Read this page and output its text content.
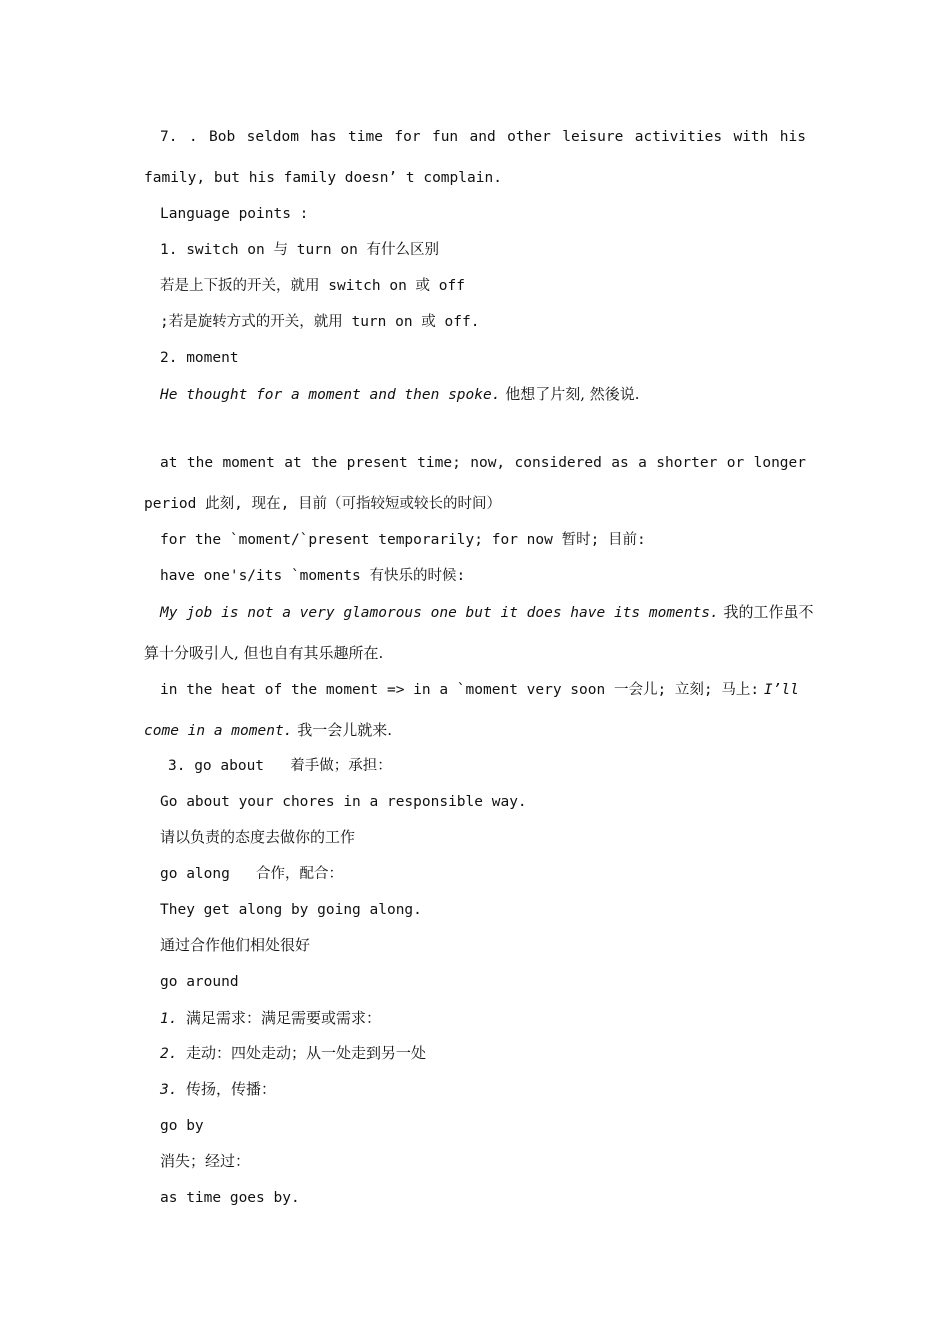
7. . Bob seldom has time for fun and other leisure activities with his
family, but his family doesn’ t complain.
Language points :
1. switch on 与 turn on 有什么区别
若是上下扳的开关，就用 switch on 或 off
;若是旋转方式的开关，就用 turn on 或 off.
2. moment
He thought for a moment and then spoke. 他想了片刻, 然後说.
at the moment at the present time; now, considered as a shorter or longer
period 此刻, 现在, 目前（可指较短或较长的时间）
for the `moment/`present temporarily; for now 暂时; 目前:
have one's/its `moments 有快乐的时候:
My job is not a very glamorous one but it does have its moments. 我的工作虽不
算十分吸引人, 但也自有其乐趣所在.
in the heat of the moment => in a `moment very soon 一会儿; 立刻; 马上: I’ll
come in a moment. 我一会儿就来.
3. go about   着手做；承担：
Go about your chores in a responsible way.
请以负责的态度去做你的工作
go along   合作，配合：
They get along by going along.
通过合作他们相处很好
go around
1. 满足需求：满足需要或需求：
2. 走动：四处走动；从一处走到另一处
3. 传扬，传播：
go by
消失；经过：
as time goes by.
